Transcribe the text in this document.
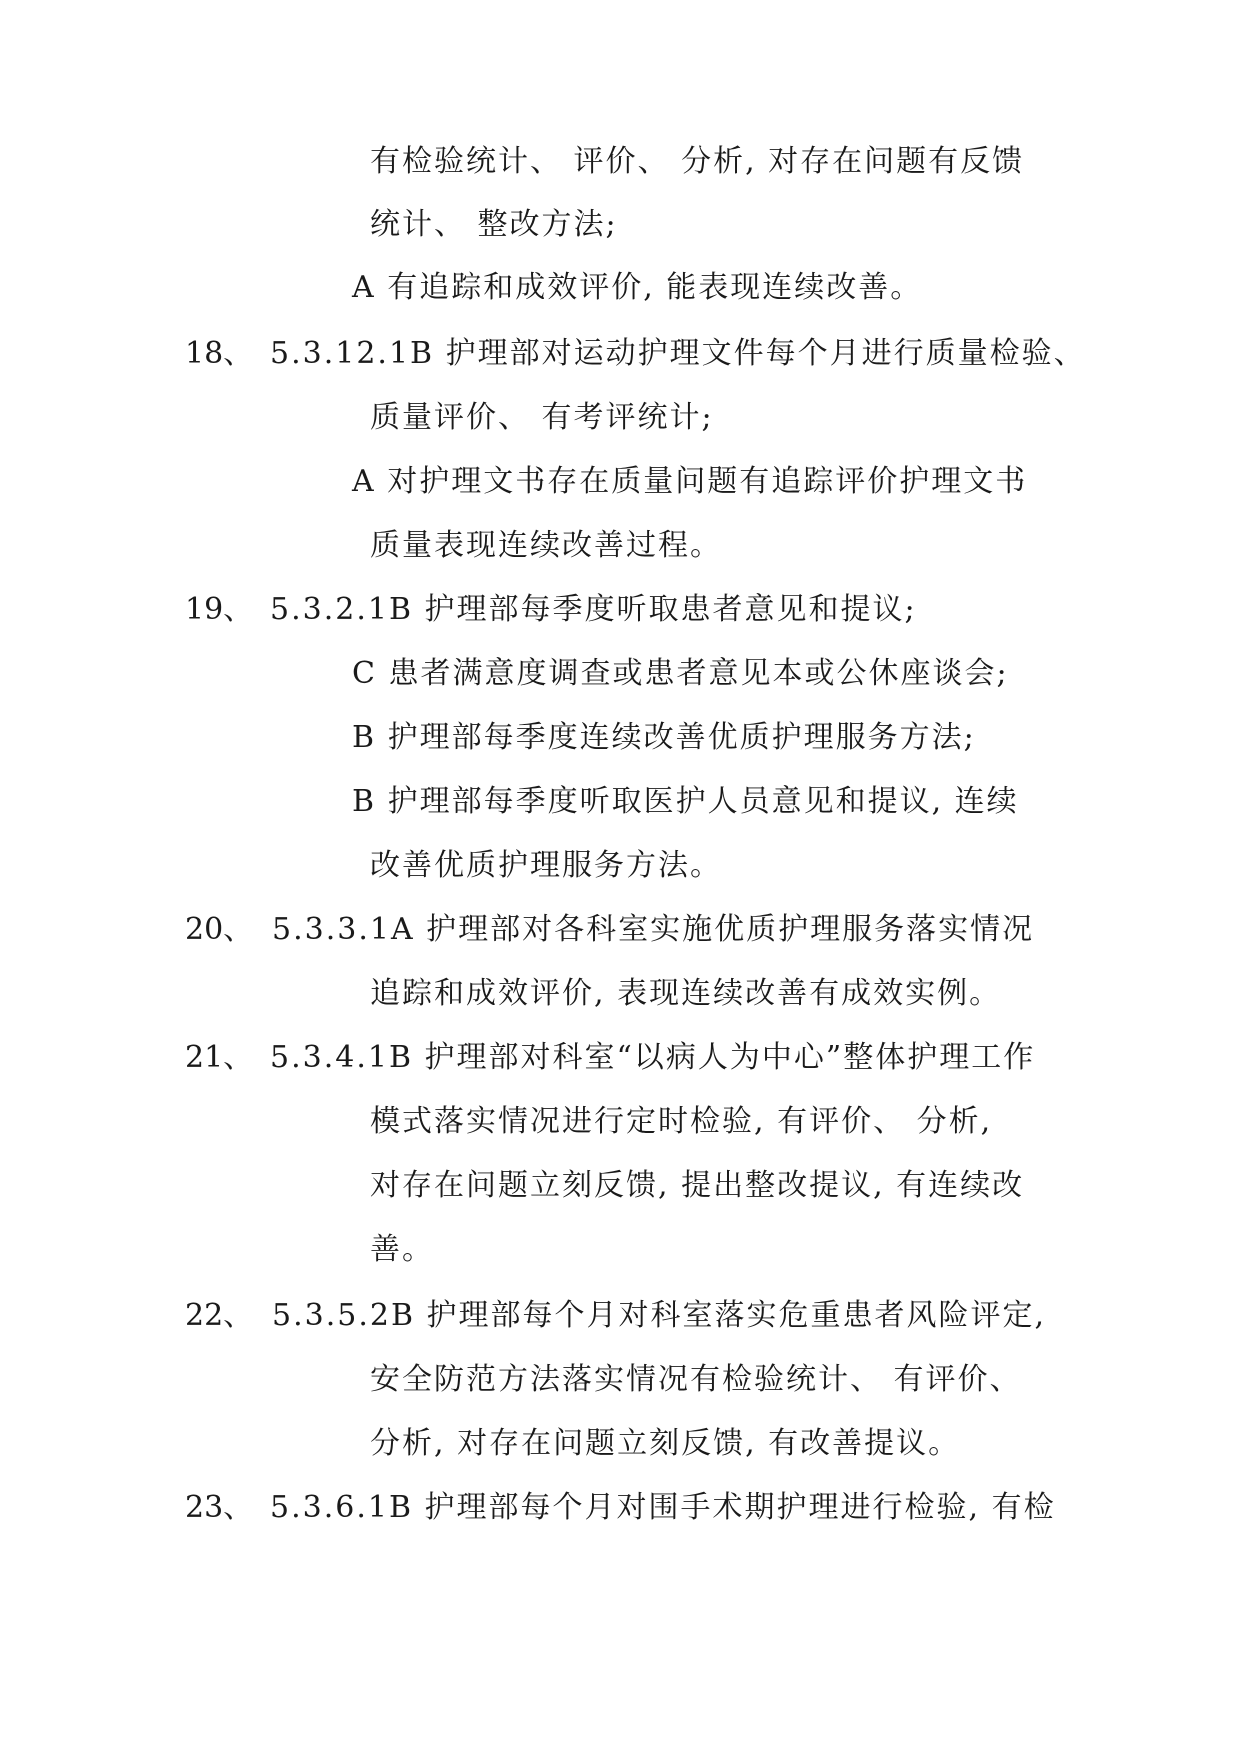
有检验统计、 评价、 分析, 对存在问题有反馈
统计、 整改方法;
A 有追踪和成效评价, 能表现连续改善。
18、 5.3.12.1B 护理部对运动护理文件每个月进行质量检验、
质量评价、 有考评统计;
A 对护理文书存在质量问题有追踪评价护理文书
质量表现连续改善过程。
19、 5.3.2.1B 护理部每季度听取患者意见和提议;
C 患者满意度调查或患者意见本或公休座谈会;
B 护理部每季度连续改善优质护理服务方法;
B 护理部每季度听取医护人员意见和提议, 连续
改善优质护理服务方法。
20、 5.3.3.1A 护理部对各科室实施优质护理服务落实情况
追踪和成效评价, 表现连续改善有成效实例。
21、 5.3.4.1B 护理部对科室“以病人为中心”整体护理工作
模式落实情况进行定时检验, 有评价、 分析,
对存在问题立刻反馈, 提出整改提议, 有连续改
善。
22、 5.3.5.2B 护理部每个月对科室落实危重患者风险评定,
安全防范方法落实情况有检验统计、 有评价、
分析, 对存在问题立刻反馈, 有改善提议。
23、 5.3.6.1B 护理部每个月对围手术期护理进行检验, 有检
